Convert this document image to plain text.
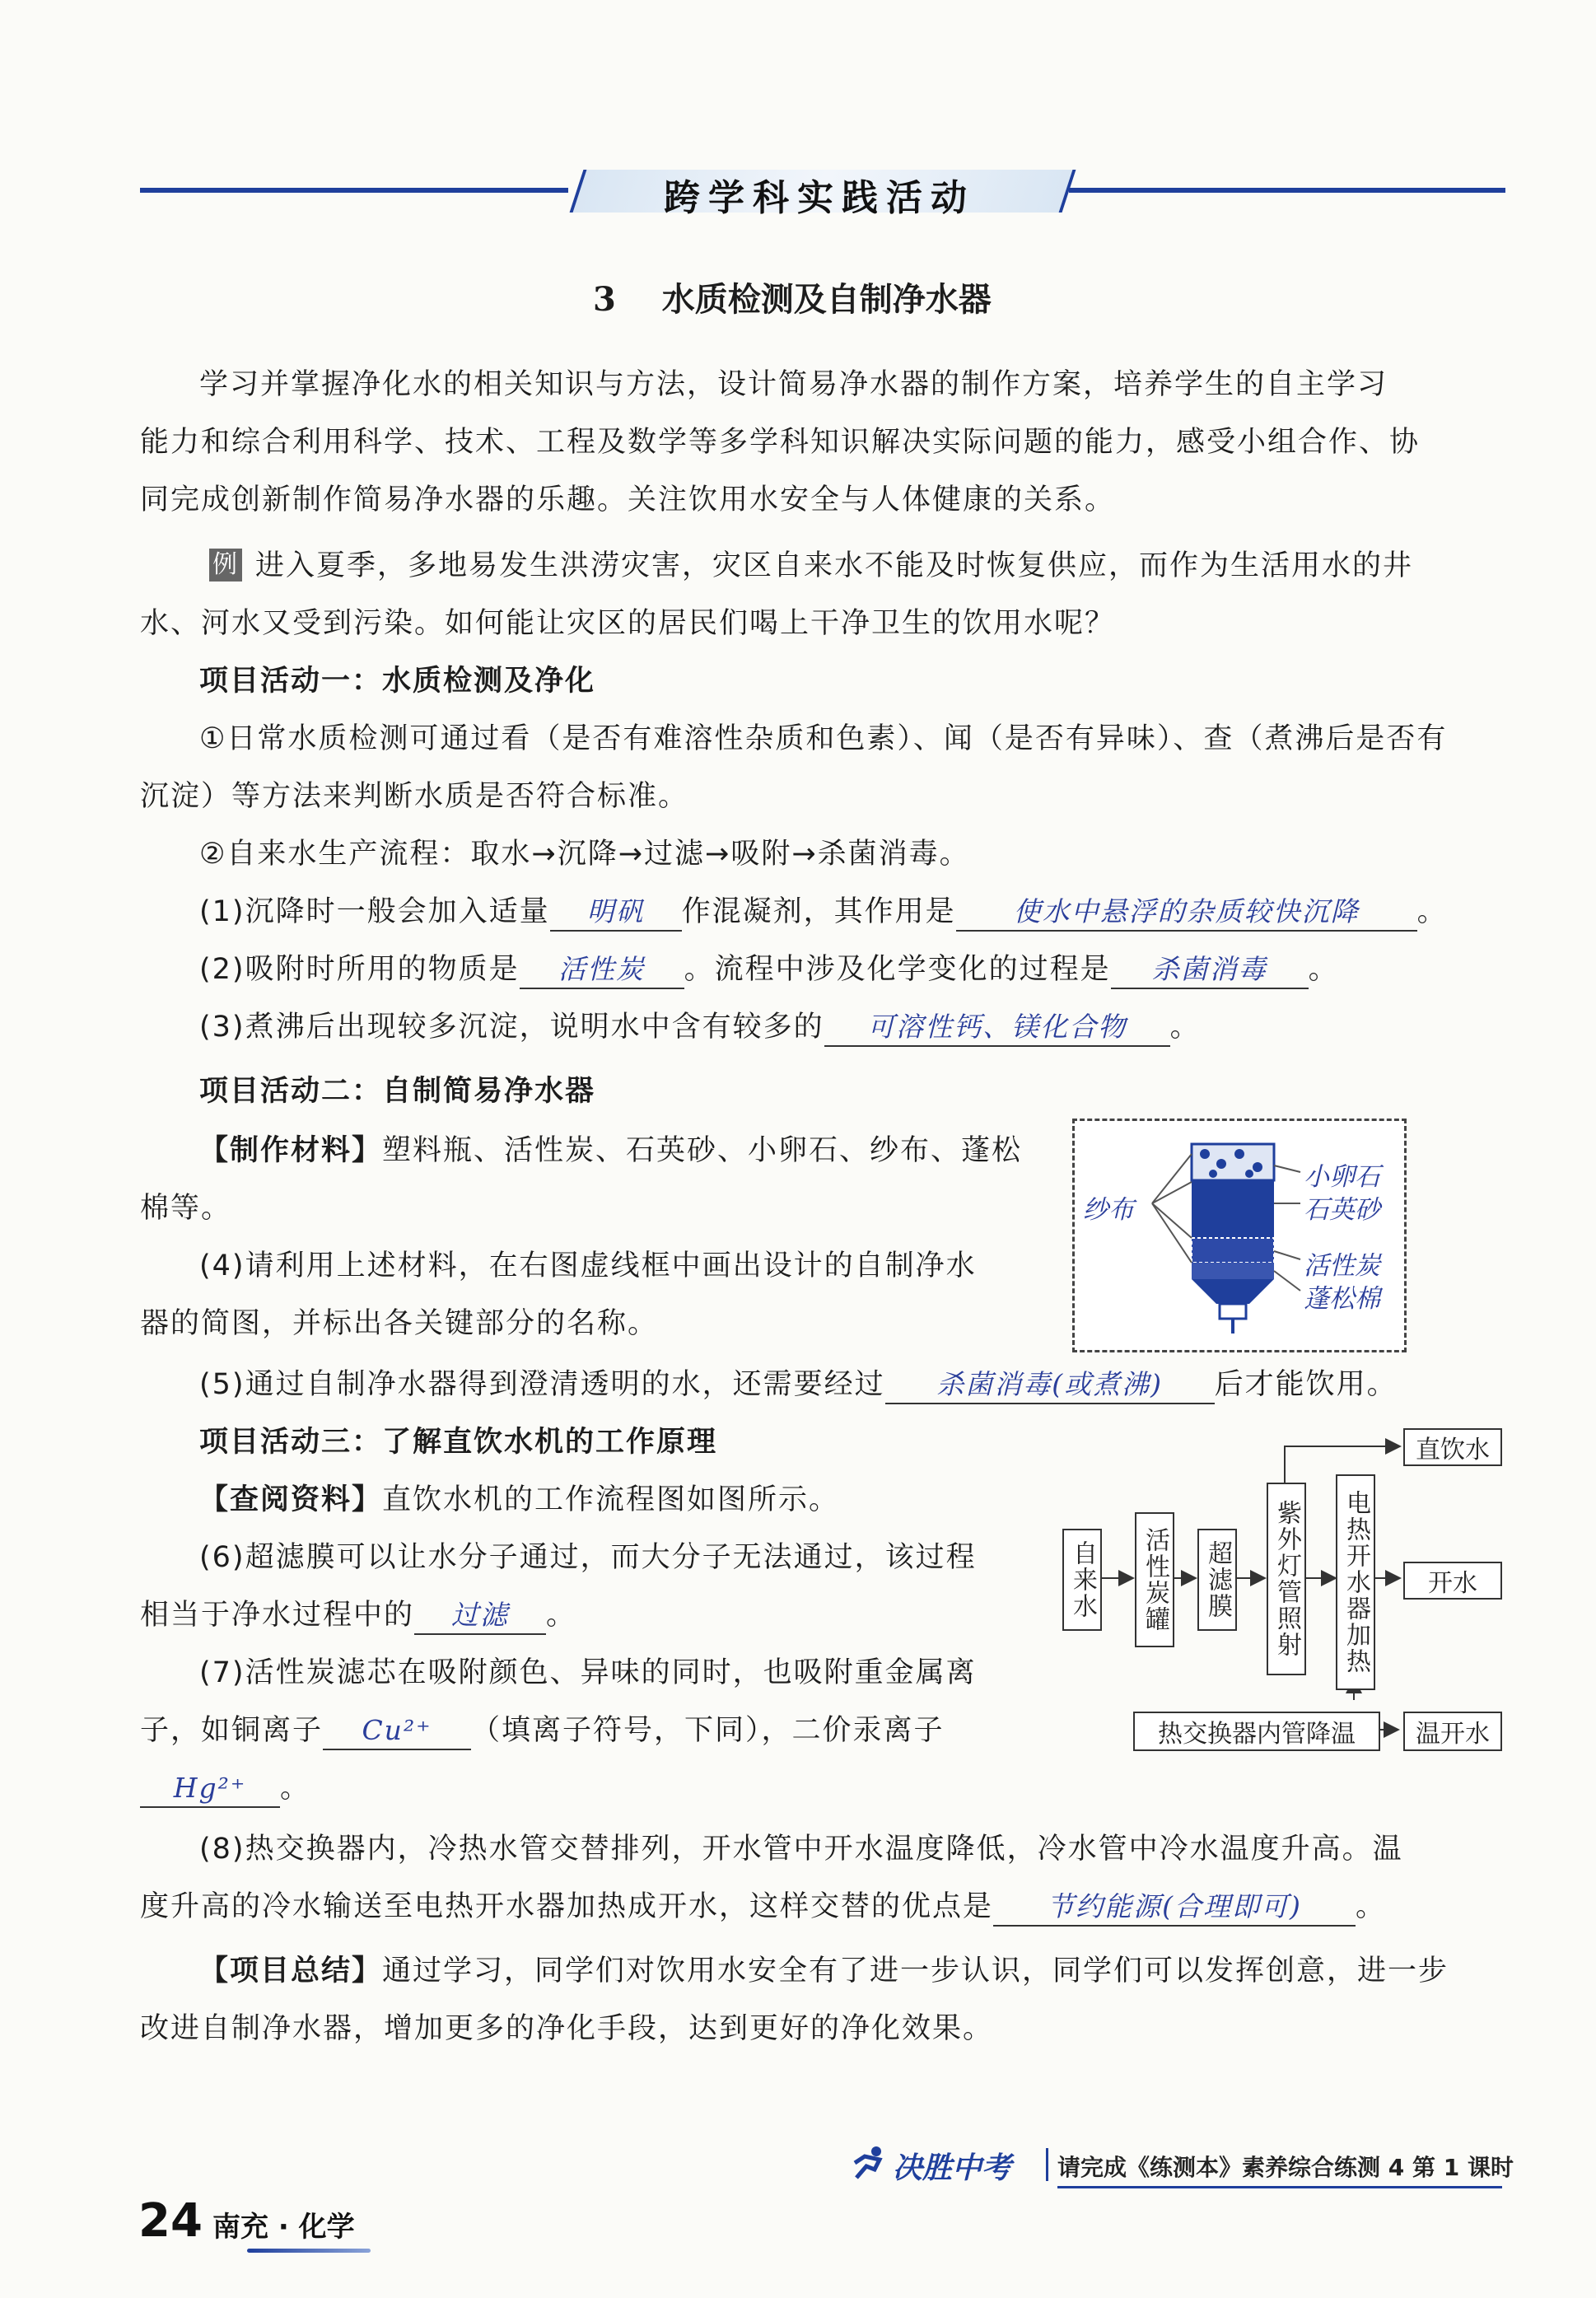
跨学科实践活动
3 水质检测及自制净水器
学习并掌握净化水的相关知识与方法，设计简易净水器的制作方案，培养学生的自主学习
能力和综合利用科学、技术、工程及数学等多学科知识解决实际问题的能力，感受小组合作、协
同完成创新制作简易净水器的乐趣。关注饮用水安全与人体健康的关系。
例 进入夏季，多地易发生洪涝灾害，灾区自来水不能及时恢复供应，而作为生活用水的井
水、河水又受到污染。如何能让灾区的居民们喝上干净卫生的饮用水呢？
项目活动一：水质检测及净化
①日常水质检测可通过看（是否有难溶性杂质和色素）、闻（是否有异味）、查（煮沸后是否有
沉淀）等方法来判断水质是否符合标准。
②自来水生产流程：取水→沉降→过滤→吸附→杀菌消毒。
(1)沉降时一般会加入适量 明矾 作混凝剂，其作用是 使水中悬浮的杂质较快沉降 。
(2)吸附时所用的物质是 活性炭 。流程中涉及化学变化的过程是 杀菌消毒 。
(3)煮沸后出现较多沉淀，说明水中含有较多的 可溶性钙、镁化合物 。
项目活动二：自制简易净水器
【制作材料】塑料瓶、活性炭、石英砂、小卵石、纱布、蓬松
棉等。
(4)请利用上述材料，在右图虚线框中画出设计的自制净水
器的简图，并标出各关键部分的名称。
(5)通过自制净水器得到澄清透明的水，还需要经过 杀菌消毒(或煮沸) 后才能饮用。
纱布
小卵石
石英砂
活性炭
蓬松棉
项目活动三：了解直饮水机的工作原理
【查阅资料】直饮水机的工作流程图如图所示。
(6)超滤膜可以让水分子通过，而大分子无法通过，该过程
相当于净水过程中的 过滤 。
(7)活性炭滤芯在吸附颜色、异味的同时，也吸附重金属离
子，如铜离子 Cu²⁺ （填离子符号，下同），二价汞离子
Hg²⁺ 。
(8)热交换器内，冷热水管交替排列，开水管中开水温度降低，冷水管中冷水温度升高。温
度升高的冷水输送至电热开水器加热成开水，这样交替的优点是 节约能源(合理即可) 。
自来水 活性炭罐 超滤膜 紫外灯管照射 电热开水器加热
直饮水
开水
热交换器内管降温	温开水
【项目总结】通过学习，同学们对饮用水安全有了进一步认识，同学们可以发挥创意，进一步
改进自制净水器，增加更多的净化手段，达到更好的净化效果。
决胜中考 请完成《练测本》素养综合练测 4 第 1 课时
24 南充 · 化学
